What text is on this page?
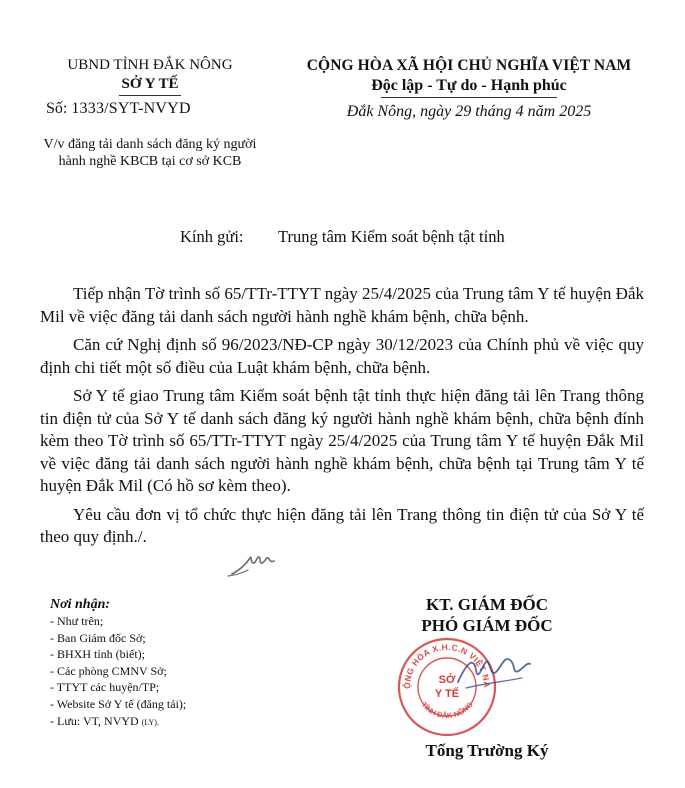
UBND TỈNH ĐẮK NÔNG
SỞ Y TẾ
Số: 1333/SYT-NVYD
V/v đăng tải danh sách đăng ký người hành nghề KBCB tại cơ sở KCB
CỘNG HÒA XÃ HỘI CHỦ NGHĨA VIỆT NAM
Độc lập - Tự do - Hạnh phúc
Đắk Nông, ngày 29 tháng 4 năm 2025
Kính gửi: Trung tâm Kiểm soát bệnh tật tỉnh

Tiếp nhận Tờ trình số 65/TTr-TTYT ngày 25/4/2025 của Trung tâm Y tế huyện Đắk Mil về việc đăng tải danh sách người hành nghề khám bệnh, chữa bệnh.

Căn cứ Nghị định số 96/2023/NĐ-CP ngày 30/12/2023 của Chính phủ về việc quy định chi tiết một số điều của Luật khám bệnh, chữa bệnh.

Sở Y tế giao Trung tâm Kiểm soát bệnh tật tỉnh thực hiện đăng tải lên Trang thông tin điện tử của Sở Y tế danh sách đăng ký người hành nghề khám bệnh, chữa bệnh đính kèm theo Tờ trình số 65/TTr-TTYT ngày 25/4/2025 của Trung tâm Y tế huyện Đắk Mil về việc đăng tải danh sách người hành nghề khám bệnh, chữa bệnh tại Trung tâm Y tế huyện Đắk Mil (Có hồ sơ kèm theo).

Yêu cầu đơn vị tổ chức thực hiện đăng tải lên Trang thông tin điện tử của Sở Y tế theo quy định./.

Nơi nhận:
- Như trên;
- Ban Giám đốc Sở;
- BHXH tỉnh (biết);
- Các phòng CMNV Sở;
- TTYT các huyện/TP;
- Website Sở Y tế (đăng tải);
- Lưu: VT, NVYD (LY).
KT. GIÁM ĐỐC
PHÓ GIÁM ĐỐC
ỘNG HÒA X.H.C.N VIỆT NA
TỈNH ĐẮK NÔNG
SỞ
Y TẾ
Tống Trường Ký
